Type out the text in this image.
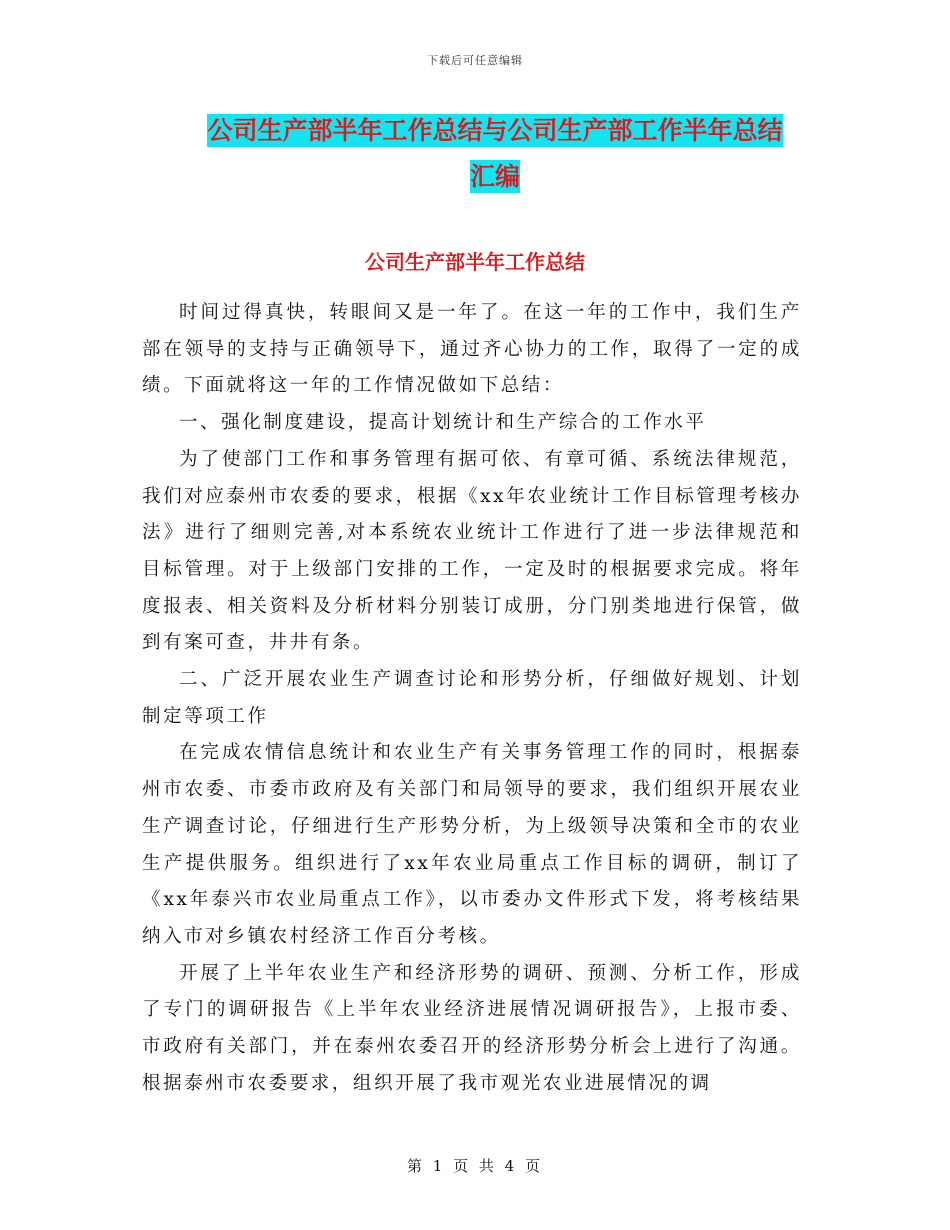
下载后可任意编辑
公司生产部半年工作总结与公司生产部工作半年总结
汇编
公司生产部半年工作总结

时间过得真快，转眼间又是一年了。在这一年的工作中，我们生产部在领导的支持与正确领导下，通过齐心协力的工作，取得了一定的成绩。下面就将这一年的工作情况做如下总结：

一、强化制度建设，提高计划统计和生产综合的工作水平

为了使部门工作和事务管理有据可依、有章可循、系统法律规范，我们对应泰州市农委的要求，根据《xx年农业统计工作目标管理考核办法》进行了细则完善,对本系统农业统计工作进行了进一步法律规范和目标管理。对于上级部门安排的工作，一定及时的根据要求完成。将年度报表、相关资料及分析材料分别装订成册，分门别类地进行保管，做到有案可查，井井有条。

二、广泛开展农业生产调查讨论和形势分析，仔细做好规划、计划制定等项工作

在完成农情信息统计和农业生产有关事务管理工作的同时，根据泰州市农委、市委市政府及有关部门和局领导的要求，我们组织开展农业生产调查讨论，仔细进行生产形势分析，为上级领导决策和全市的农业生产提供服务。组织进行了xx年农业局重点工作目标的调研，制订了《xx年泰兴市农业局重点工作》，以市委办文件形式下发，将考核结果纳入市对乡镇农村经济工作百分考核。

开展了上半年农业生产和经济形势的调研、预测、分析工作，形成了专门的调研报告《上半年农业经济进展情况调研报告》，上报市委、市政府有关部门，并在泰州农委召开的经济形势分析会上进行了沟通。根据泰州市农委要求，组织开展了我市观光农业进展情况的调

第 1 页 共 4 页
